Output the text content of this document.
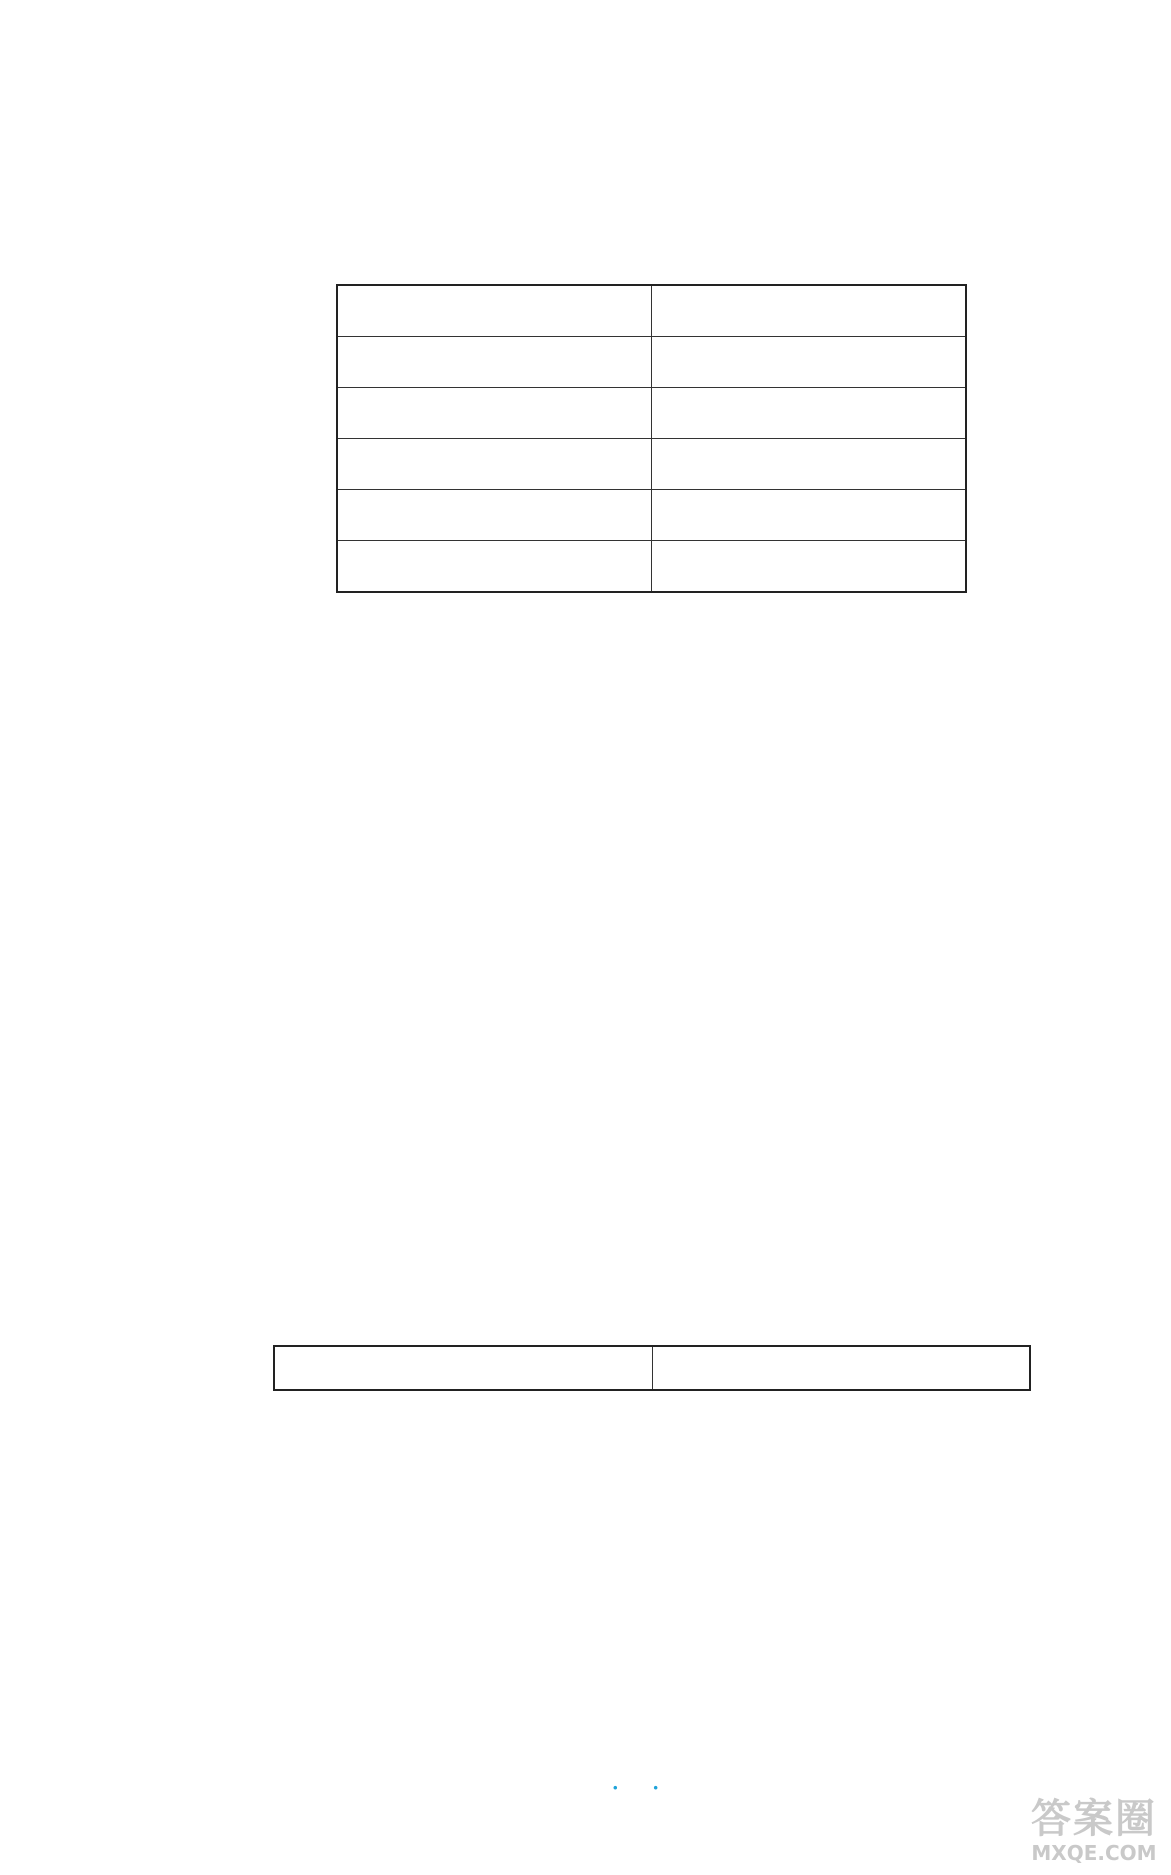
·      ·
答案圈
MXQE.COM
